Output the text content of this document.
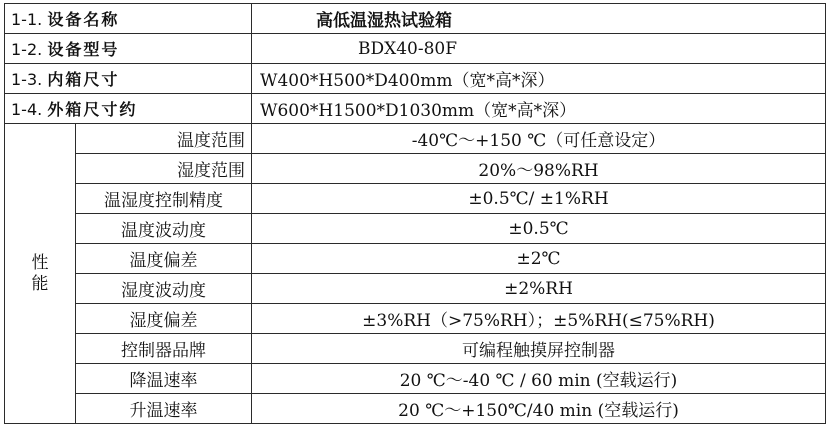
1-1. 设备名称		高低温湿热试验箱
1-2. 设备型号		BDX40-80F
1-3. 内箱尺寸		W400*H500*D400mm（宽*高*深）
1-4. 外箱尺寸约		W600*H1500*D1030mm（宽*高*深）

性
能	温度范围	-40℃～+150 ℃（可任意设定）
	湿度范围	20%～98%RH
	温湿度控制精度	±0.5℃/ ±1%RH
	温度波动度	±0.5℃
	温度偏差	±2℃
	湿度波动度	±2%RH
	湿度偏差	±3%RH（>75%RH）；±5%RH(≤75%RH)
	控制器品牌	可编程触摸屏控制器
	降温速率	20 ℃～-40 ℃ / 60 min (空载运行)
	升温速率	20 ℃～+150℃/40 min (空载运行)
